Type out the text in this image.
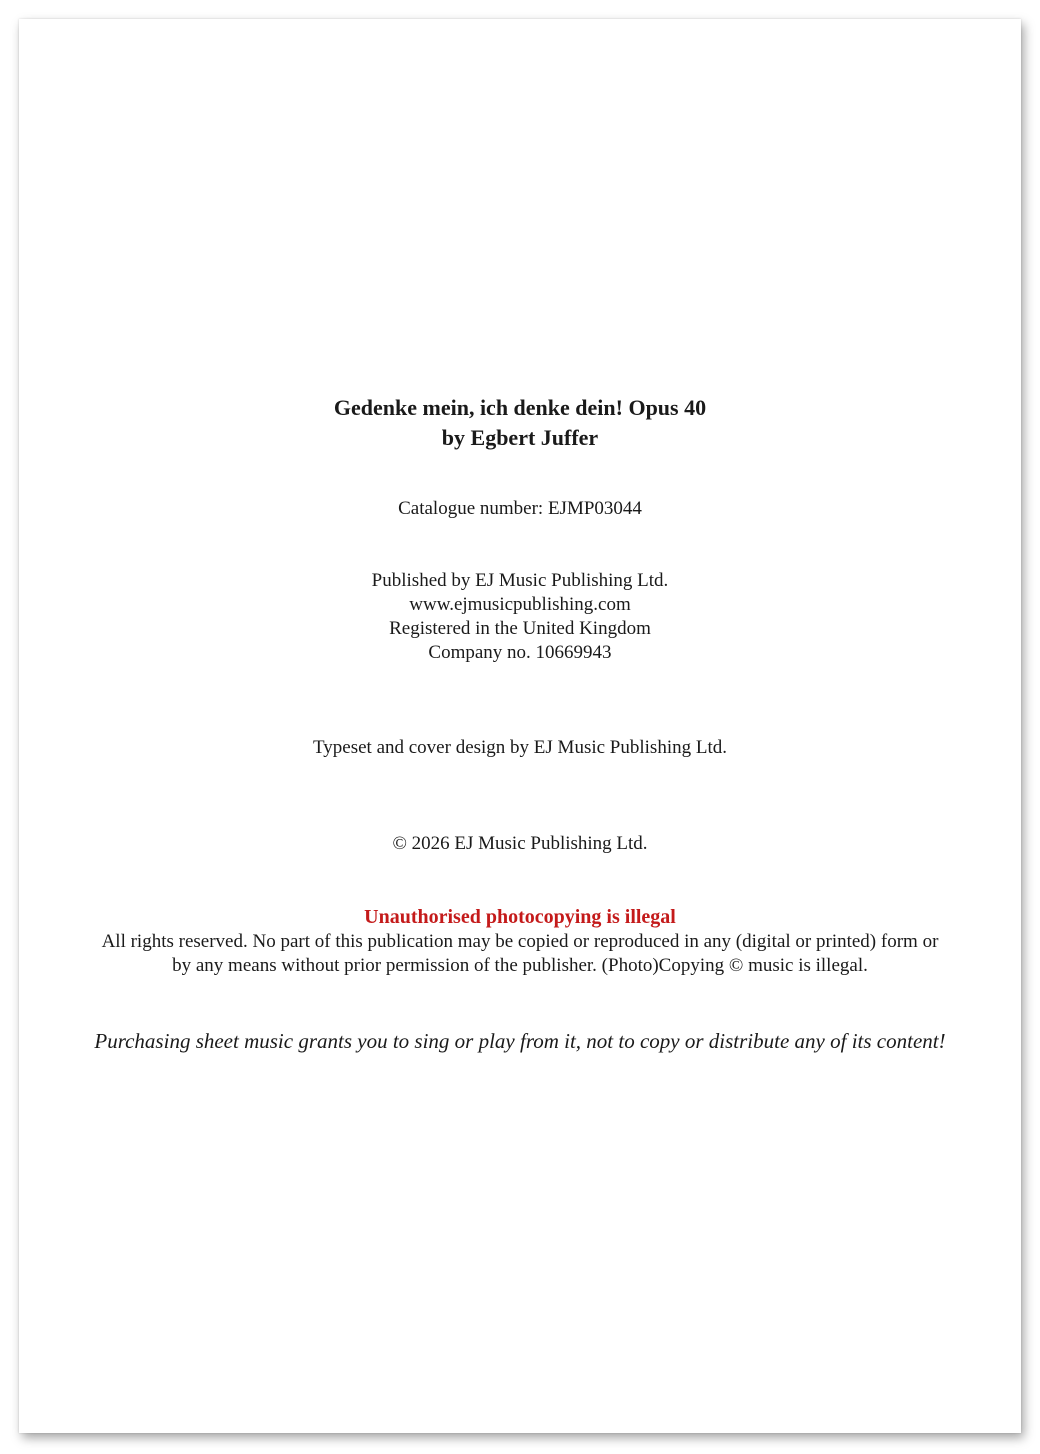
Gedenke mein, ich denke dein! Opus 40
by Egbert Juffer
Catalogue number: EJMP03044
Published by EJ Music Publishing Ltd.
www.ejmusicpublishing.com
Registered in the United Kingdom
Company no. 10669943
Typeset and cover design by EJ Music Publishing Ltd.
© 2026 EJ Music Publishing Ltd.
Unauthorised photocopying is illegal
All rights reserved. No part of this publication may be copied or reproduced in any (digital or printed) form or
by any means without prior permission of the publisher. (Photo)Copying © music is illegal.
Purchasing sheet music grants you to sing or play from it, not to copy or distribute any of its content!
